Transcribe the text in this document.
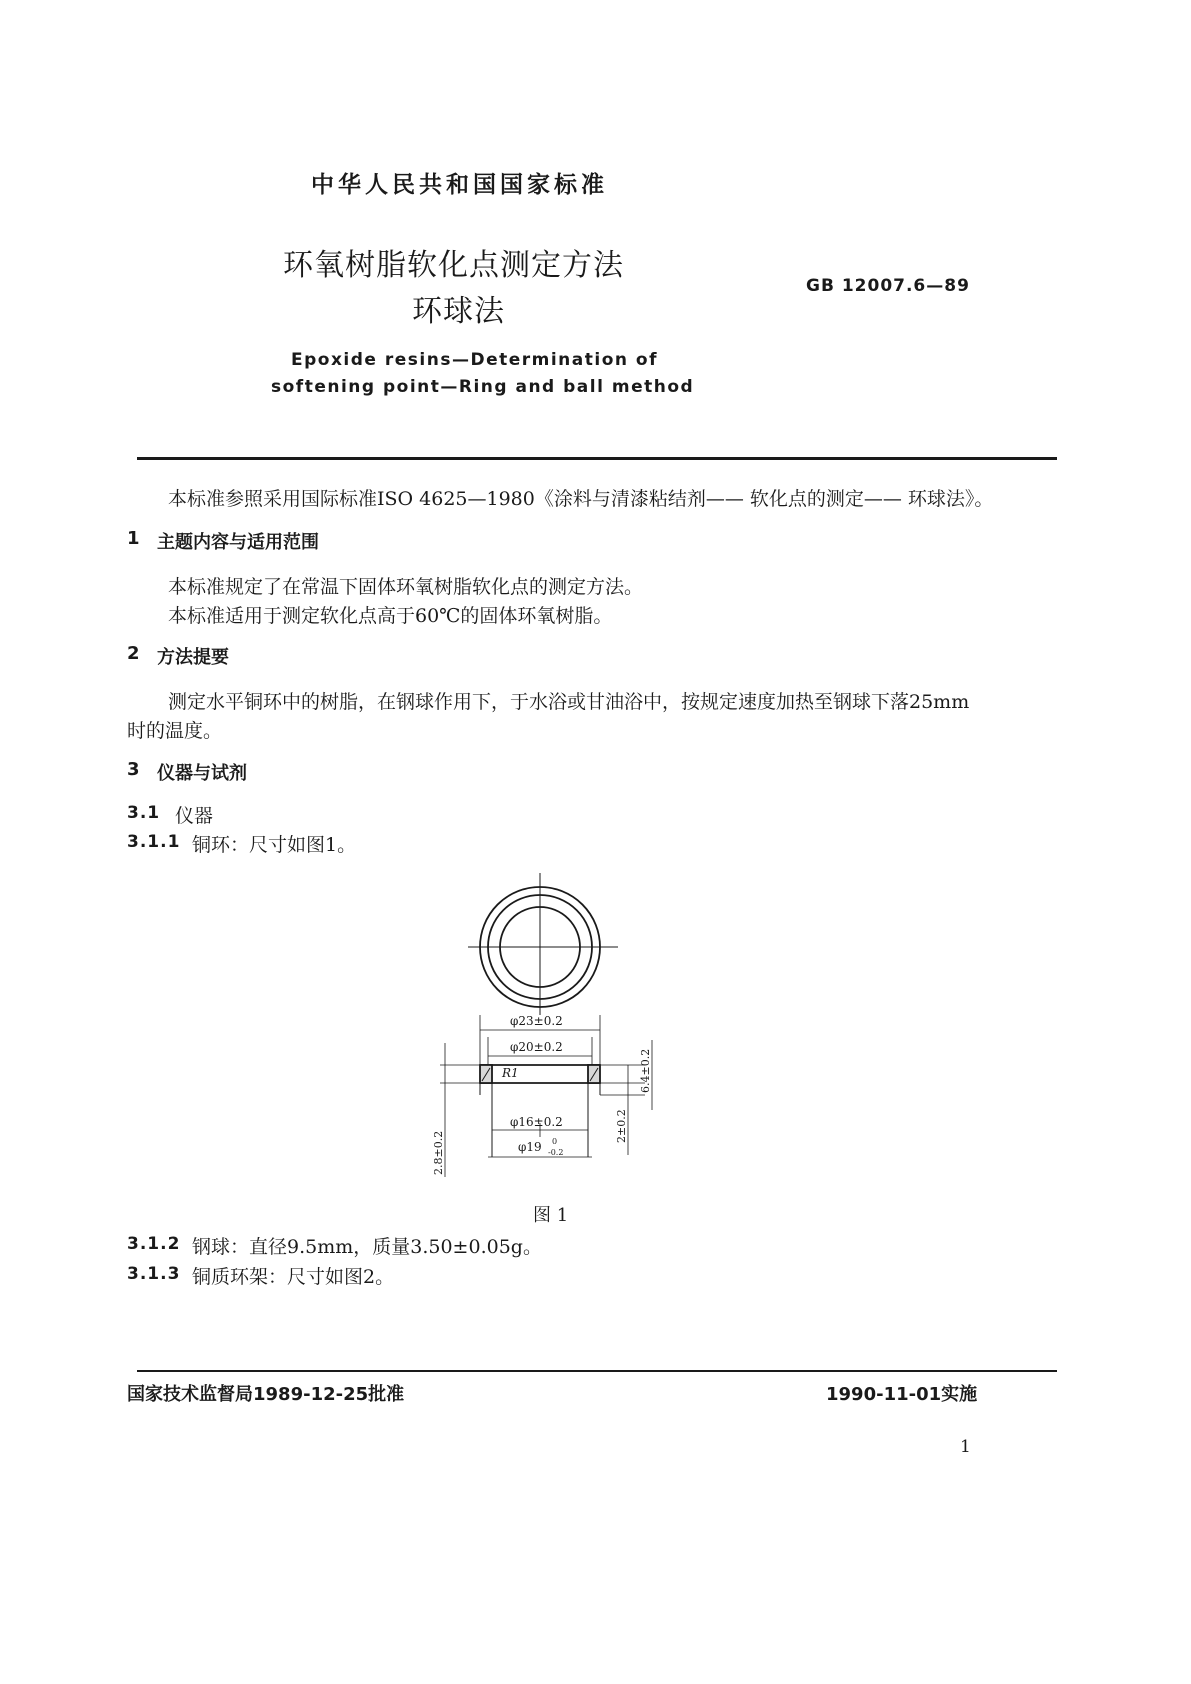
中华人民共和国国家标准
环氧树脂软化点测定方法
环球法
GB 12007.6—89
Epoxide resins—Determination of
softening point—Ring and ball method
本标准参照采用国际标准ISO 4625—1980《涂料与清漆粘结剂—— 软化点的测定—— 环球法》。
1 主题内容与适用范围
本标准规定了在常温下固体环氧树脂软化点的测定方法。
本标准适用于测定软化点高于60℃的固体环氧树脂。
2 方法提要
测定水平铜环中的树脂，在钢球作用下，于水浴或甘油浴中，按规定速度加热至钢球下落25mm
时的温度。
3 仪器与试剂
3.1 仪器
3.1.1 铜环：尺寸如图1。
φ23±0.2
φ20±0.2
R1
φ16±0.2
φ19 0
-0.2
6.4±0.2
2±0.2
2.8±0.2
图 1
3.1.2 钢球：直径9.5mm，质量3.50±0.05g。
3.1.3 铜质环架：尺寸如图2。
国家技术监督局1989-12-25批准	1990-11-01实施
1
